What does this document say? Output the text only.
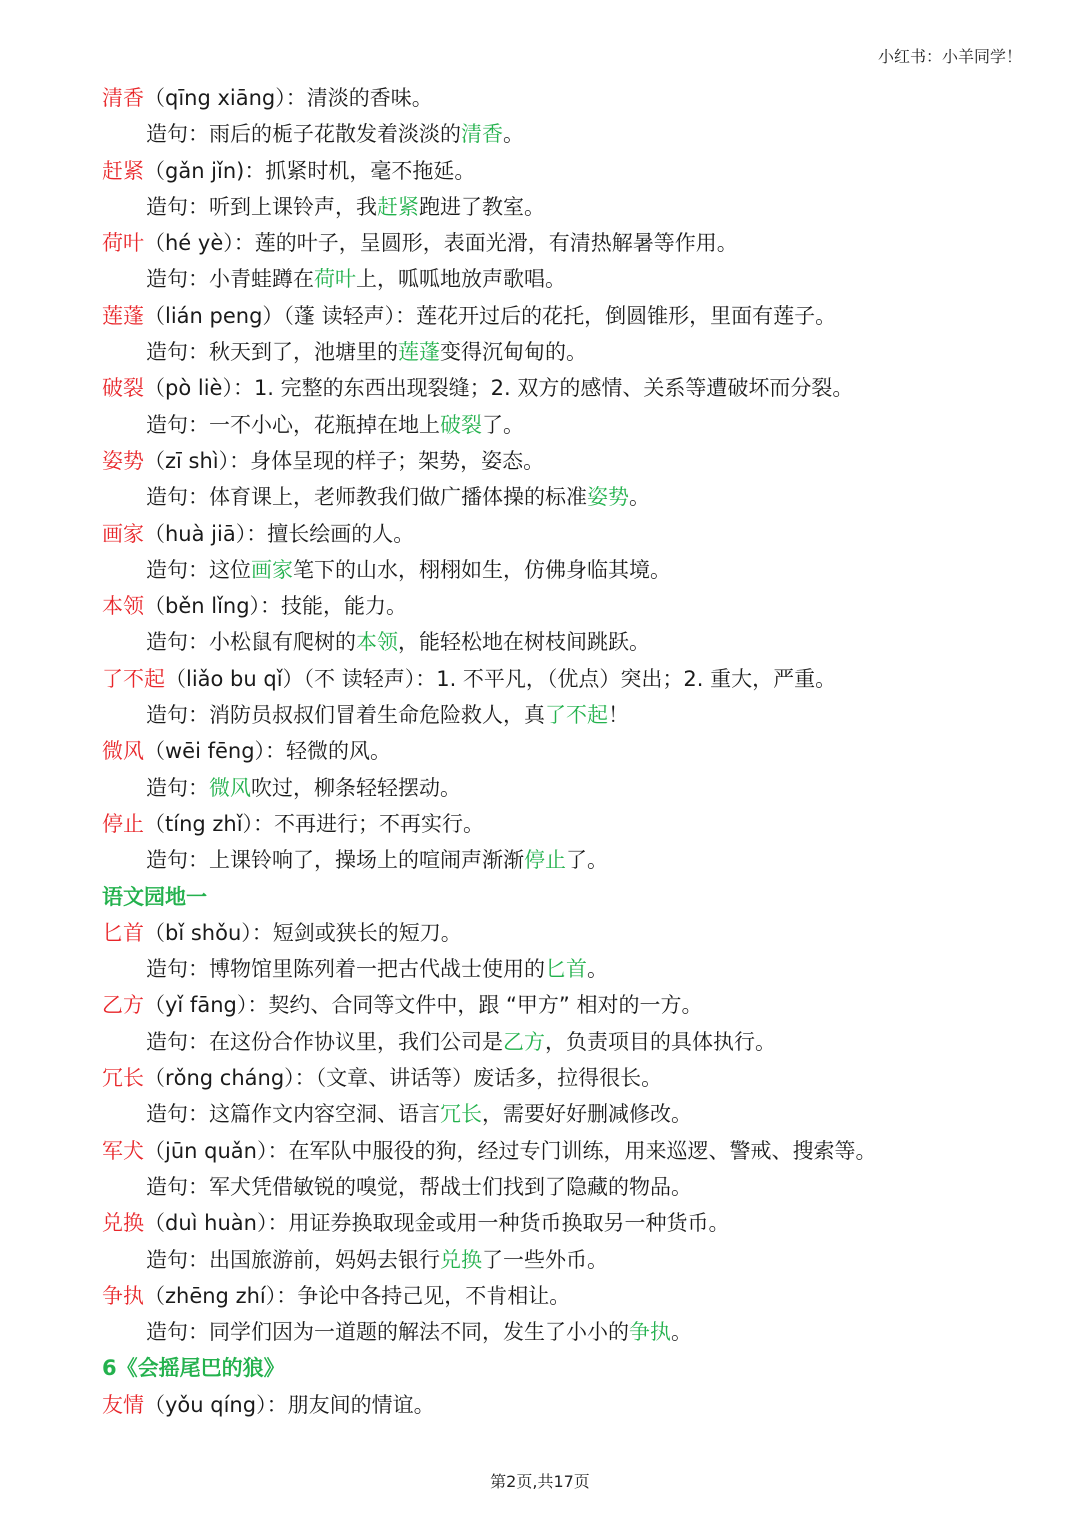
小红书：小羊同学！
清香（qīng xiāng）：清淡的香味。
造句：雨后的栀子花散发着淡淡的清香。
赶紧（gǎn jǐn)：抓紧时机，毫不拖延。
造句：听到上课铃声，我赶紧跑进了教室。
荷叶（hé yè）：莲的叶子，呈圆形，表面光滑，有清热解暑等作用。
造句：小青蛙蹲在荷叶上，呱呱地放声歌唱。
莲蓬（lián peng）（蓬 读轻声）：莲花开过后的花托，倒圆锥形，里面有莲子。
造句：秋天到了，池塘里的莲蓬变得沉甸甸的。
破裂（pò liè）：1. 完整的东西出现裂缝；2. 双方的感情、关系等遭破坏而分裂。
造句：一不小心，花瓶掉在地上破裂了。
姿势（zī shì）：身体呈现的样子；架势，姿态。
造句：体育课上，老师教我们做广播体操的标准姿势。
画家（huà jiā）：擅长绘画的人。
造句：这位画家笔下的山水，栩栩如生，仿佛身临其境。
本领（běn lǐng）：技能，能力。
造句：小松鼠有爬树的本领，能轻松地在树枝间跳跃。
了不起（liǎo bu qǐ）（不 读轻声）：1. 不平凡，（优点）突出；2. 重大，严重。
造句：消防员叔叔们冒着生命危险救人，真了不起！
微风（wēi fēng）：轻微的风。
造句：微风吹过，柳条轻轻摆动。
停止（tíng zhǐ）：不再进行；不再实行。
造句：上课铃响了，操场上的喧闹声渐渐停止了。
语文园地一
匕首（bǐ shǒu）：短剑或狭长的短刀。
造句：博物馆里陈列着一把古代战士使用的匕首。
乙方（yǐ fāng）：契约、合同等文件中，跟 “甲方” 相对的一方。
造句：在这份合作协议里，我们公司是乙方，负责项目的具体执行。
冗长（rǒng cháng）：（文章、讲话等）废话多，拉得很长。
造句：这篇作文内容空洞、语言冗长，需要好好删减修改。
军犬（jūn quǎn）：在军队中服役的狗，经过专门训练，用来巡逻、警戒、搜索等。
造句：军犬凭借敏锐的嗅觉，帮战士们找到了隐藏的物品。
兑换（duì huàn）：用证券换取现金或用一种货币换取另一种货币。
造句：出国旅游前，妈妈去银行兑换了一些外币。
争执（zhēng zhí）：争论中各持己见，不肯相让。
造句：同学们因为一道题的解法不同，发生了小小的争执。
6《会摇尾巴的狼》
友情（yǒu qíng）：朋友间的情谊。
第2页,共17页
